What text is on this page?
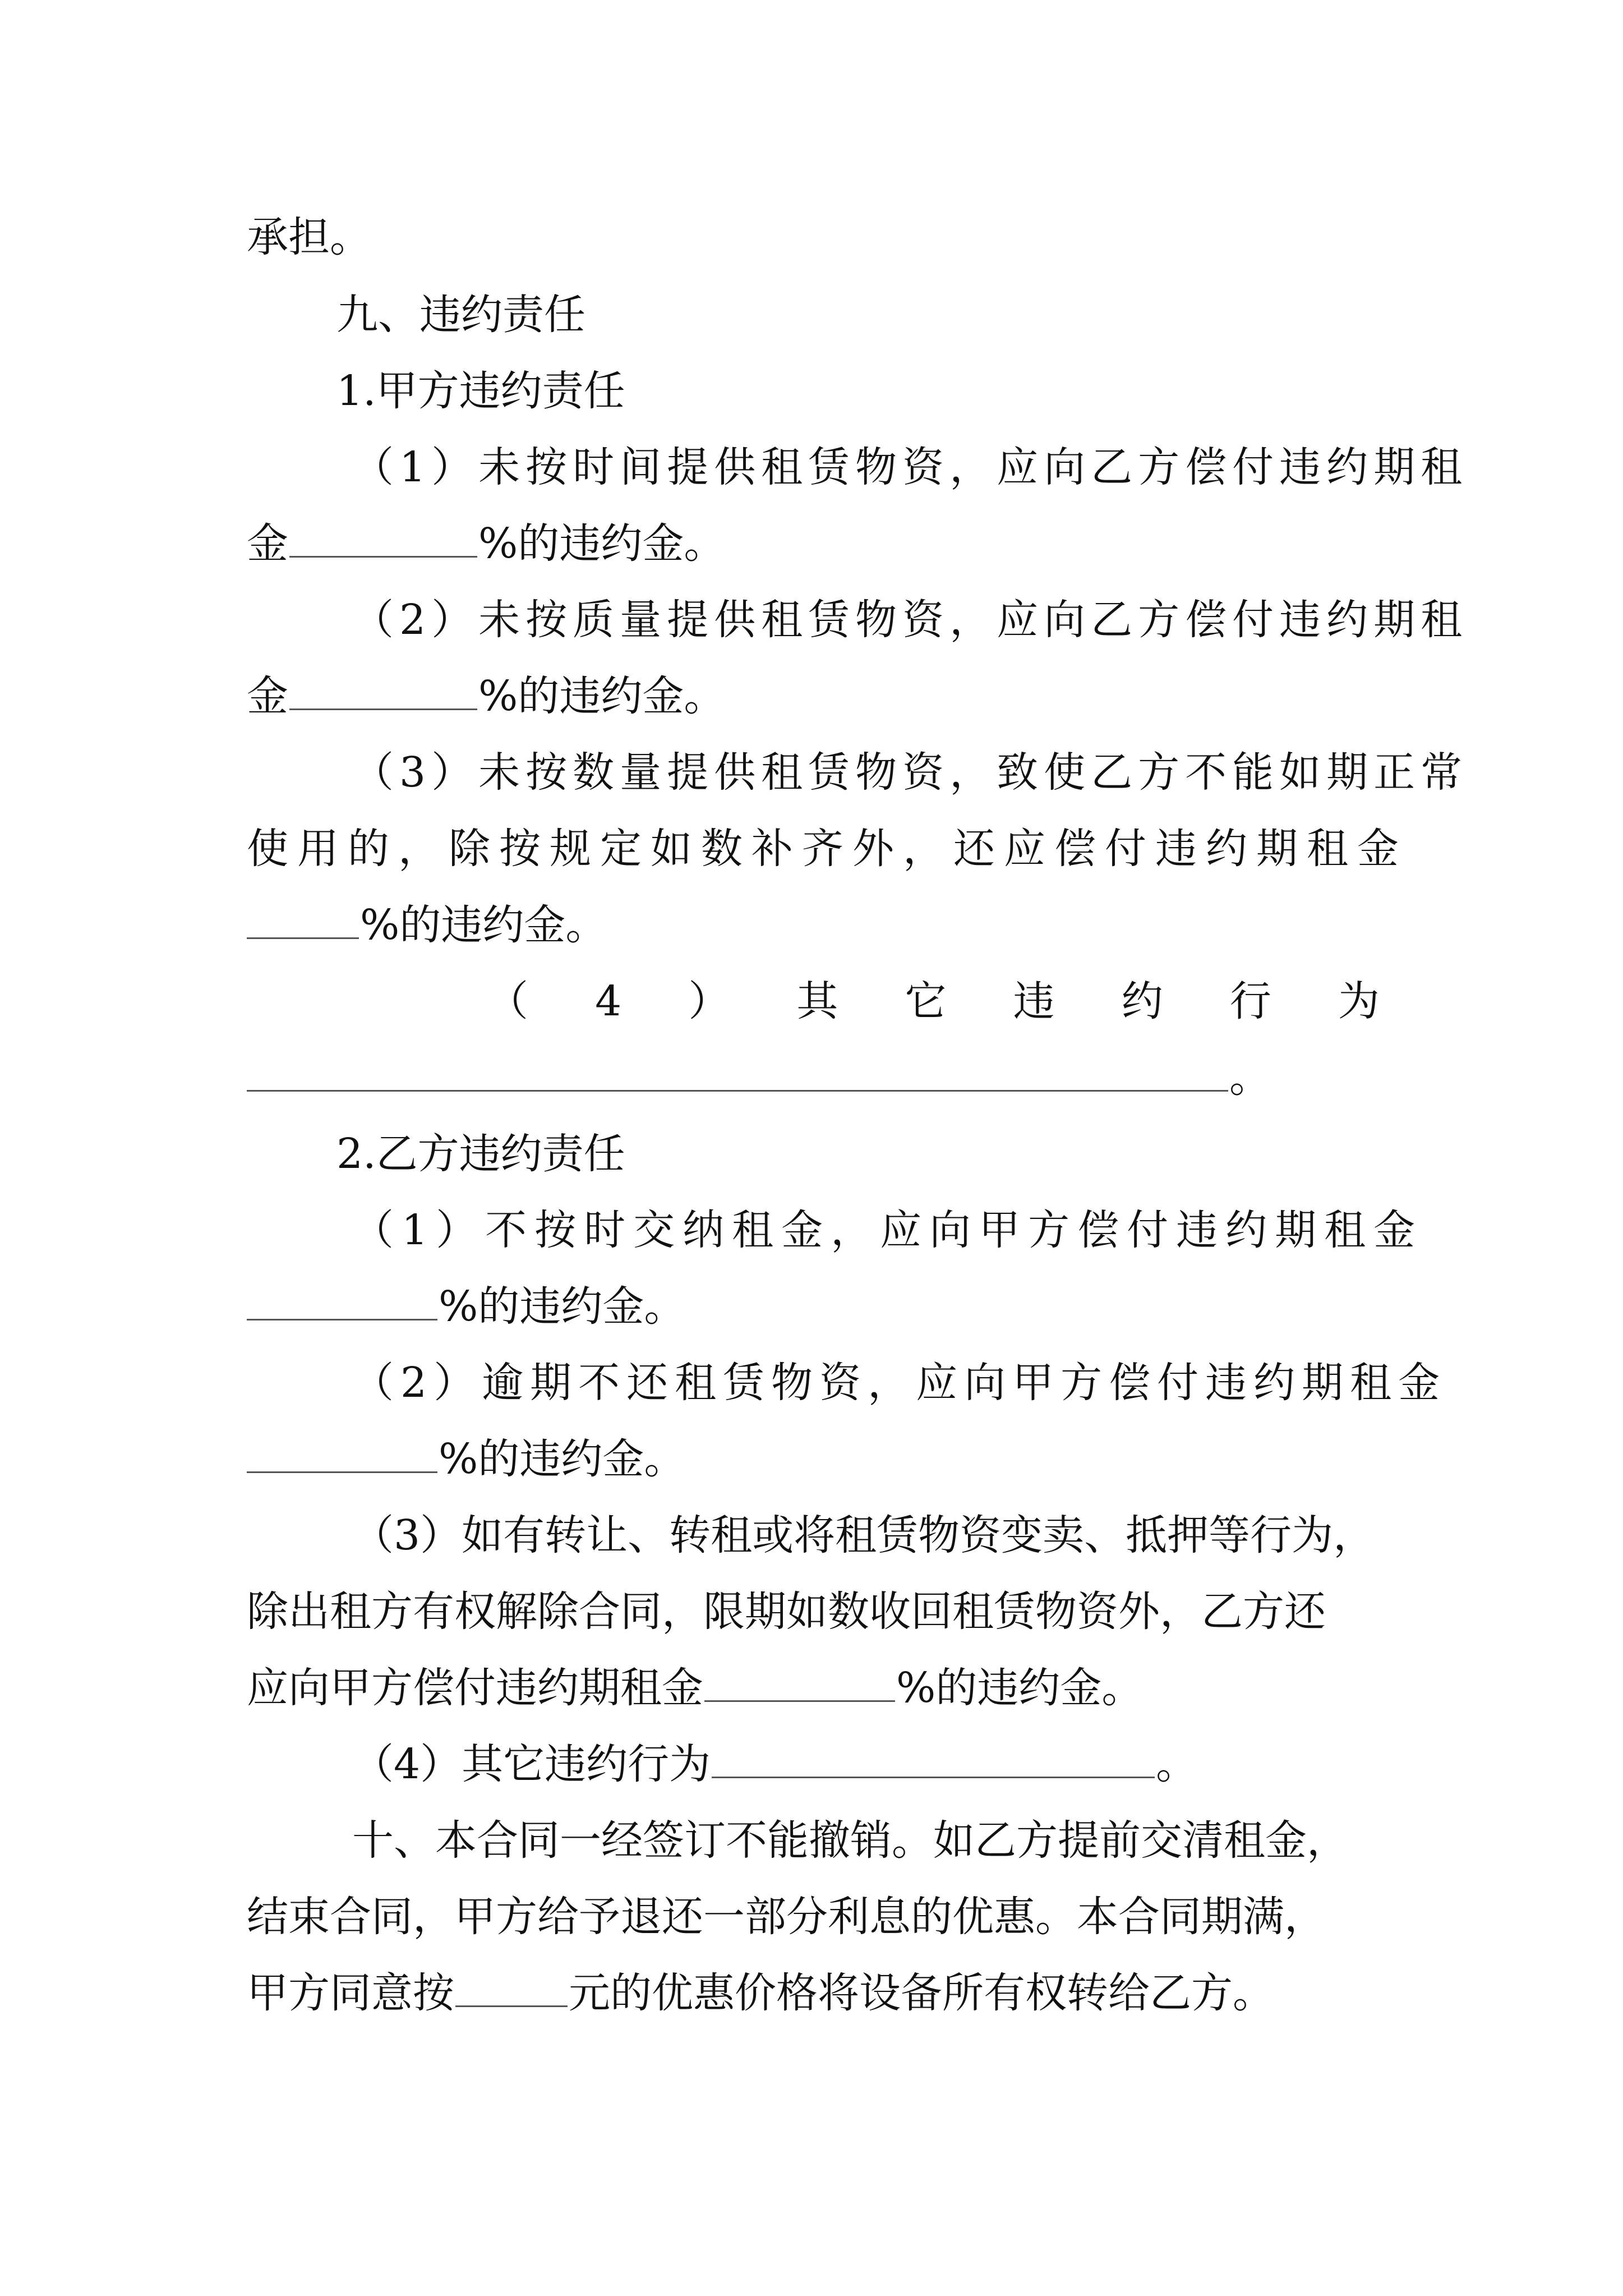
承担。
九、违约责任
1.甲方违约责任
（1）未按时间提供租赁物资，应向乙方偿付违约期租
金	%的违约金。
（2）未按质量提供租赁物资，应向乙方偿付违约期租
金	%的违约金。
（3）未按数量提供租赁物资，致使乙方不能如期正常
使用的，除按规定如数补齐外，还应偿付违约期租金
%的违约金。
（ 4 ） 其 它 违 约 行 为
。
2.乙方违约责任
（1）不按时交纳租金，应向甲方偿付违约期租金
%的违约金。
（2）逾期不还租赁物资，应向甲方偿付违约期租金
%的违约金。
（3）如有转让、转租或将租赁物资变卖、抵押等行为，
除出租方有权解除合同，限期如数收回租赁物资外，乙方还
应向甲方偿付违约期租金	%的违约金。
（4）其它违约行为	。
十、本合同一经签订不能撤销。如乙方提前交清租金，
结束合同，甲方给予退还一部分利息的优惠。本合同期满，
甲方同意按	元的优惠价格将设备所有权转给乙方。
